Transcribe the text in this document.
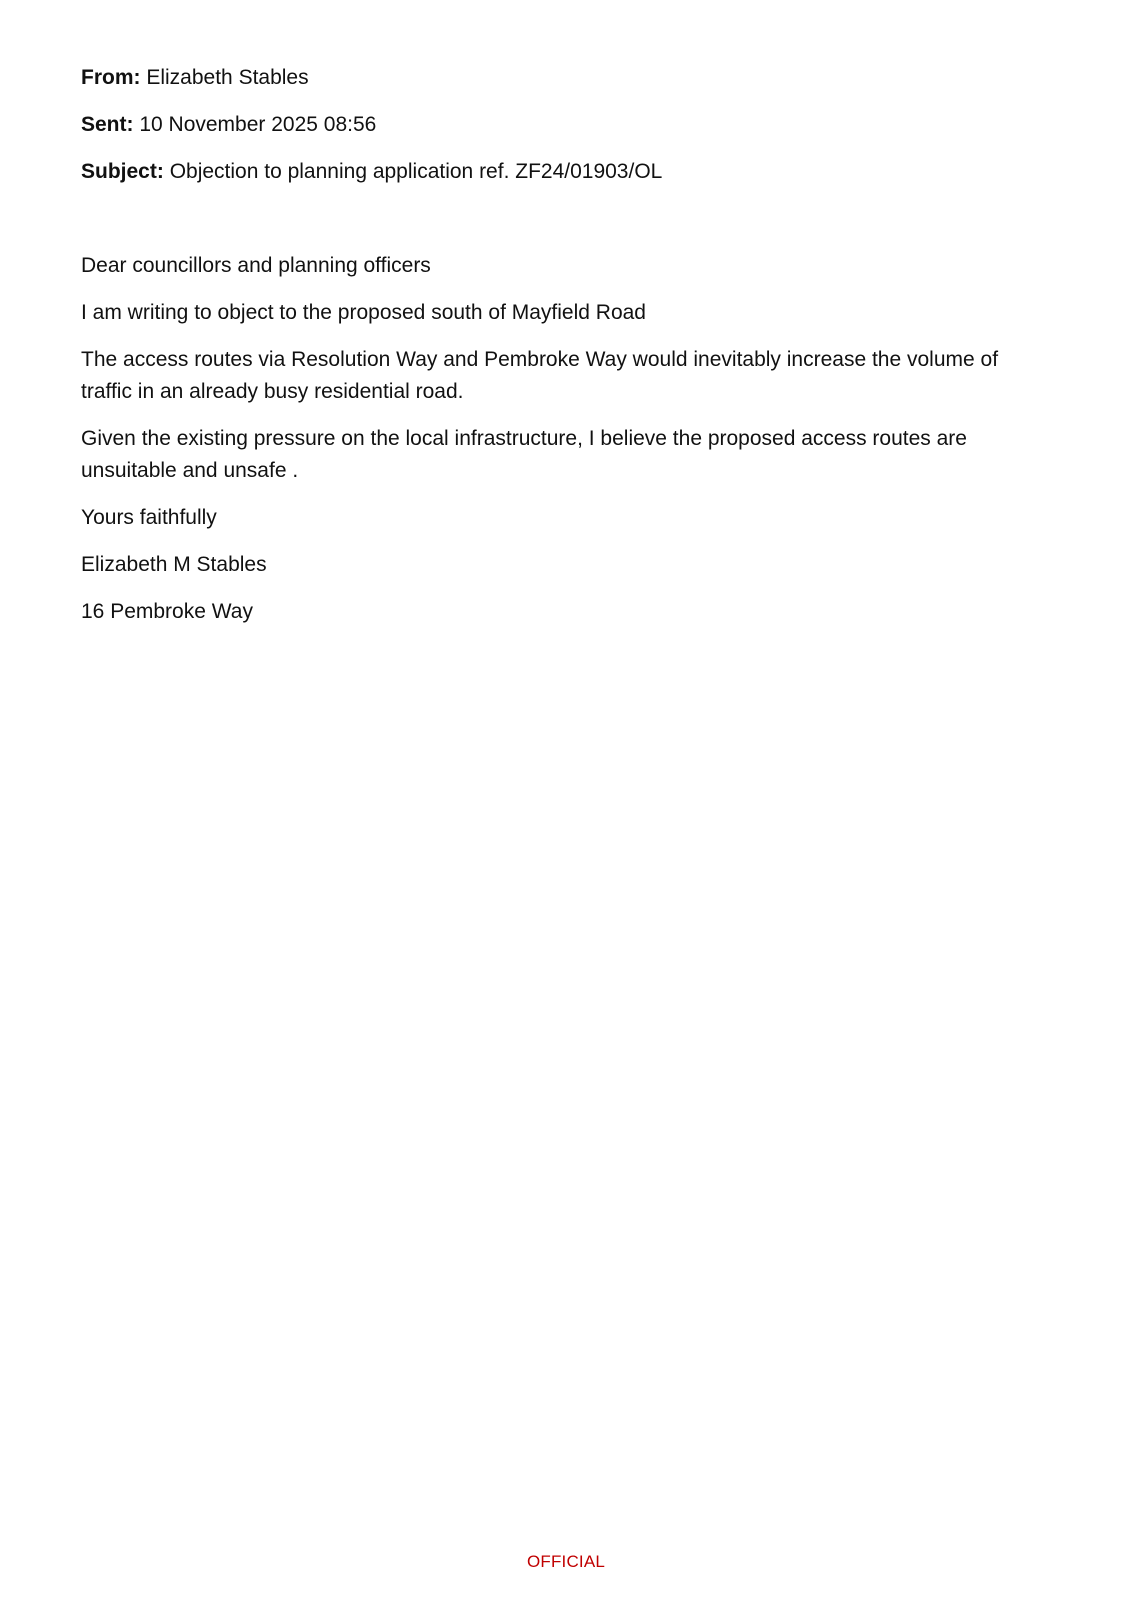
From: Elizabeth Stables

Sent: 10 November 2025 08:56

Subject: Objection to planning application ref. ZF24/01903/OL

Dear councillors and planning officers

I am writing to object to the proposed south of Mayfield Road

The access routes via Resolution Way and Pembroke Way would inevitably increase the volume of traffic in an already busy residential road.

Given the existing pressure on the local infrastructure, I believe the proposed access routes are unsuitable and unsafe .

Yours faithfully

Elizabeth M Stables

16 Pembroke Way

OFFICIAL
